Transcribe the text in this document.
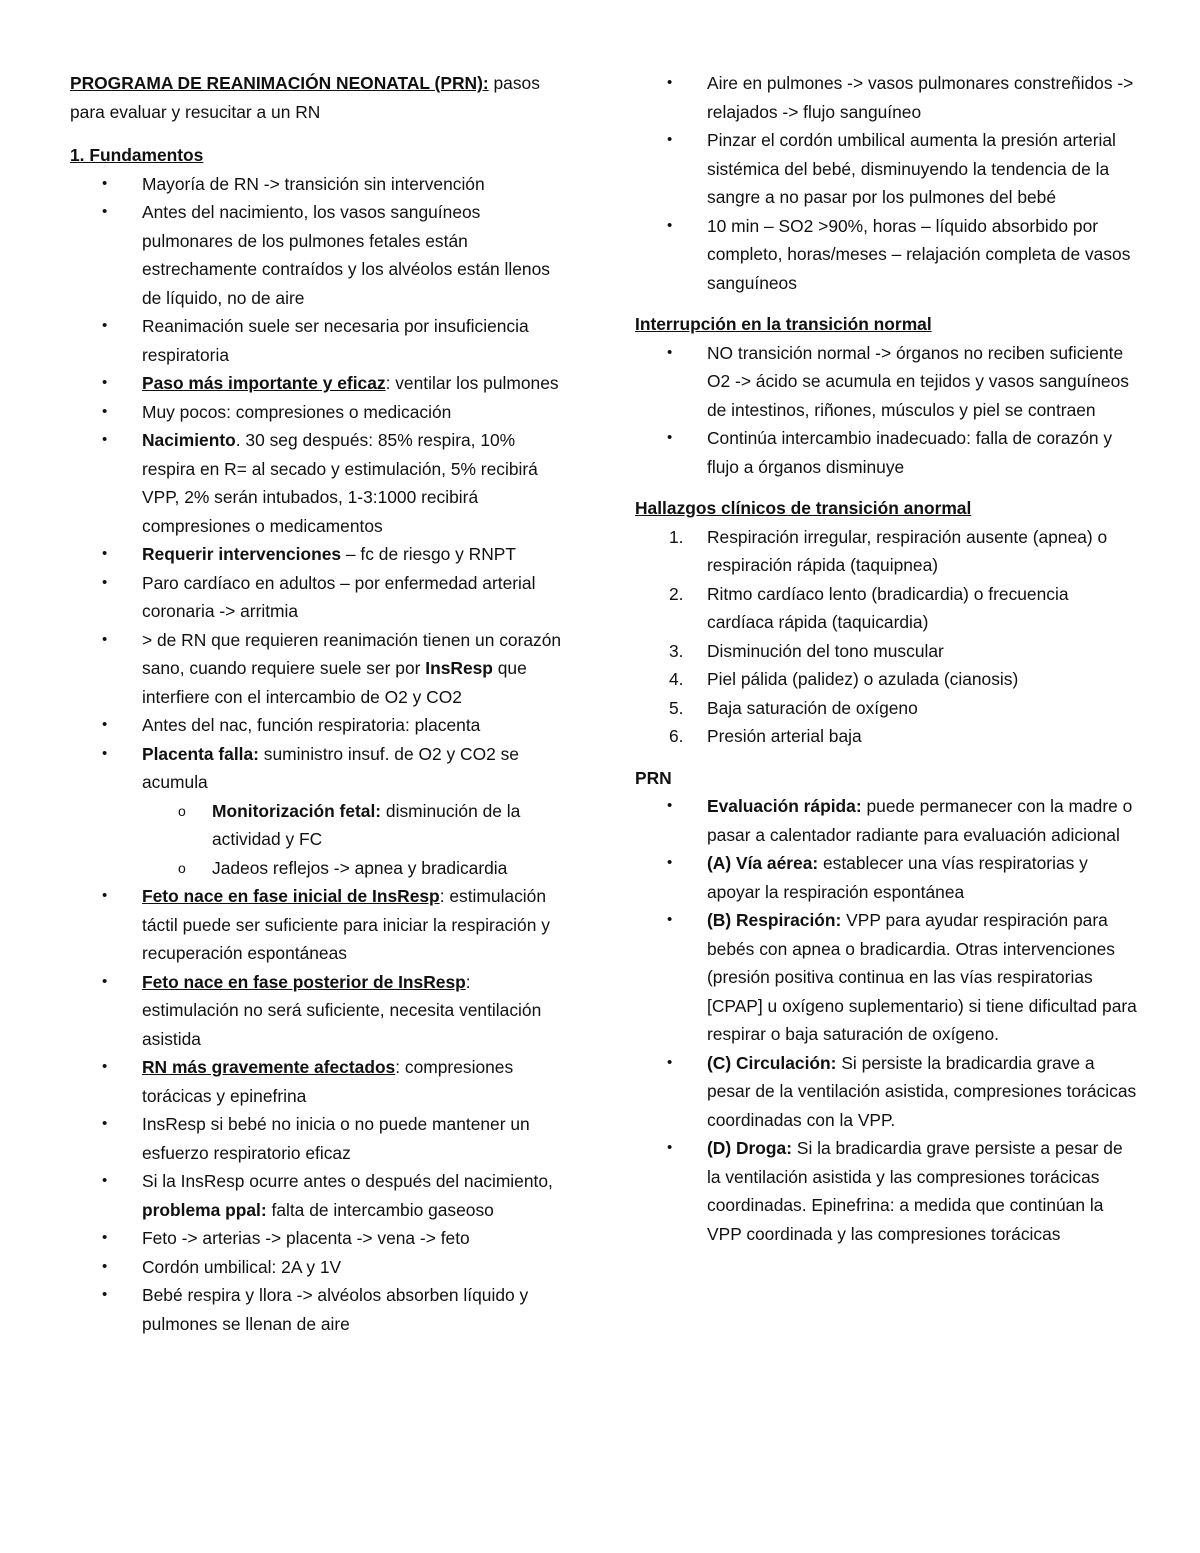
PROGRAMA DE REANIMACIÓN NEONATAL (PRN): pasos para evaluar y resucitar a un RN

1. Fundamentos

• Mayoría de RN -> transición sin intervención
• Antes del nacimiento, los vasos sanguíneos pulmonares de los pulmones fetales están estrechamente contraídos y los alvéolos están llenos de líquido, no de aire
• Reanimación suele ser necesaria por insuficiencia respiratoria
• Paso más importante y eficaz: ventilar los pulmones
• Muy pocos: compresiones o medicación
• Nacimiento. 30 seg después: 85% respira, 10% respira en R= al secado y estimulación, 5% recibirá VPP, 2% serán intubados, 1-3:1000 recibirá compresiones o medicamentos
• Requerir intervenciones – fc de riesgo y RNPT
• Paro cardíaco en adultos – por enfermedad arterial coronaria -> arritmia
• > de RN que requieren reanimación tienen un corazón sano, cuando requiere suele ser por InsResp que interfiere con el intercambio de O2 y CO2
• Antes del nac, función respiratoria: placenta
• Placenta falla: suministro insuf. de O2 y CO2 se acumula
o Monitorización fetal: disminución de la actividad y FC
o Jadeos reflejos -> apnea y bradicardia
• Feto nace en fase inicial de InsResp: estimulación táctil puede ser suficiente para iniciar la respiración y recuperación espontáneas
• Feto nace en fase posterior de InsResp: estimulación no será suficiente, necesita ventilación asistida
• RN más gravemente afectados: compresiones torácicas y epinefrina
• InsResp si bebé no inicia o no puede mantener un esfuerzo respiratorio eficaz
• Si la InsResp ocurre antes o después del nacimiento, problema ppal: falta de intercambio gaseoso
• Feto -> arterias -> placenta -> vena -> feto
• Cordón umbilical: 2A y 1V
• Bebé respira y llora -> alvéolos absorben líquido y pulmones se llenan de aire
• Aire en pulmones -> vasos pulmonares constreñidos -> relajados -> flujo sanguíneo
• Pinzar el cordón umbilical aumenta la presión arterial sistémica del bebé, disminuyendo la tendencia de la sangre a no pasar por los pulmones del bebé
• 10 min – SO2 >90%, horas – líquido absorbido por completo, horas/meses – relajación completa de vasos sanguíneos

Interrupción en la transición normal

• NO transición normal -> órganos no reciben suficiente O2 -> ácido se acumula en tejidos y vasos sanguíneos de intestinos, riñones, músculos y piel se contraen
• Continúa intercambio inadecuado: falla de corazón y flujo a órganos disminuye

Hallazgos clínicos de transición anormal

1. Respiración irregular, respiración ausente (apnea) o respiración rápida (taquipnea)
2. Ritmo cardíaco lento (bradicardia) o frecuencia cardíaca rápida (taquicardia)
3. Disminución del tono muscular
4. Piel pálida (palidez) o azulada (cianosis)
5. Baja saturación de oxígeno
6. Presión arterial baja

PRN

• Evaluación rápida: puede permanecer con la madre o pasar a calentador radiante para evaluación adicional
• (A) Vía aérea: establecer una vías respiratorias y apoyar la respiración espontánea
• (B) Respiración: VPP para ayudar respiración para bebés con apnea o bradicardia. Otras intervenciones (presión positiva continua en las vías respiratorias [CPAP] u oxígeno suplementario) si tiene dificultad para respirar o baja saturación de oxígeno.
• (C) Circulación: Si persiste la bradicardia grave a pesar de la ventilación asistida, compresiones torácicas coordinadas con la VPP.
• (D) Droga: Si la bradicardia grave persiste a pesar de la ventilación asistida y las compresiones torácicas coordinadas. Epinefrina: a medida que continúan la VPP coordinada y las compresiones torácicas
